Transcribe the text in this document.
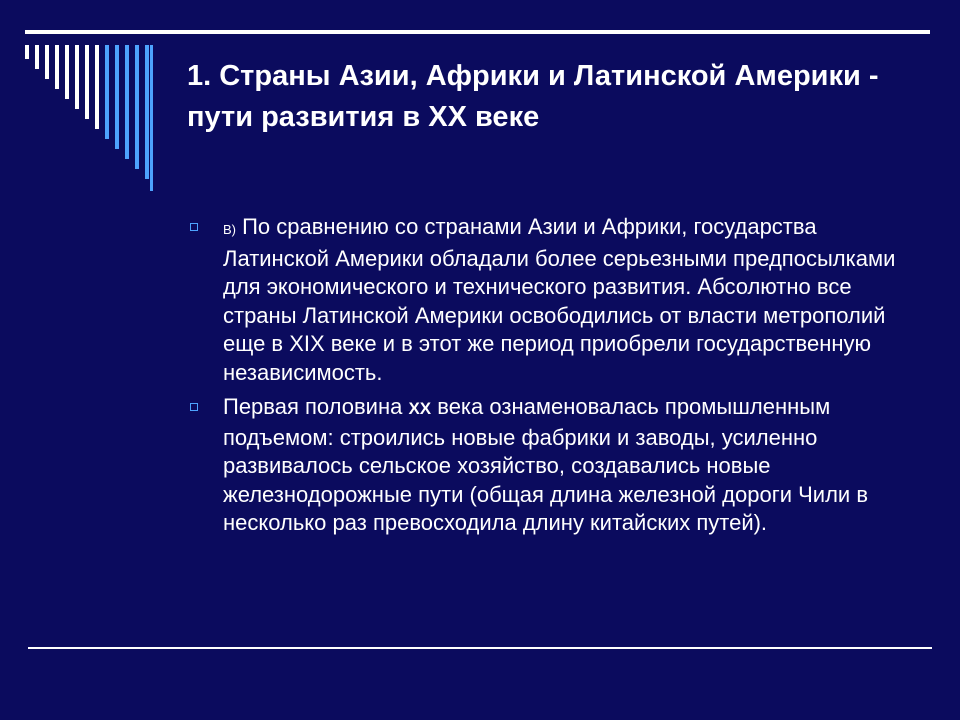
1. Страны Азии, Африки и Латинской Америки - пути развития в XX веке
В) По сравнению со странами Азии и Африки, государства Латинской Америки обладали более серьезными предпосылками для экономического и технического развития. Абсолютно все страны Латинской Америки освободились от власти метрополий еще в XIX веке и в этот же период приобрели государственную независимость.
Первая половина XX века ознаменовалась промышленным подъемом: строились новые фабрики и заводы, усиленно развивалось сельское хозяйство, создавались новые железнодорожные пути (общая длина железной дороги Чили в несколько раз превосходила длину китайских путей).
